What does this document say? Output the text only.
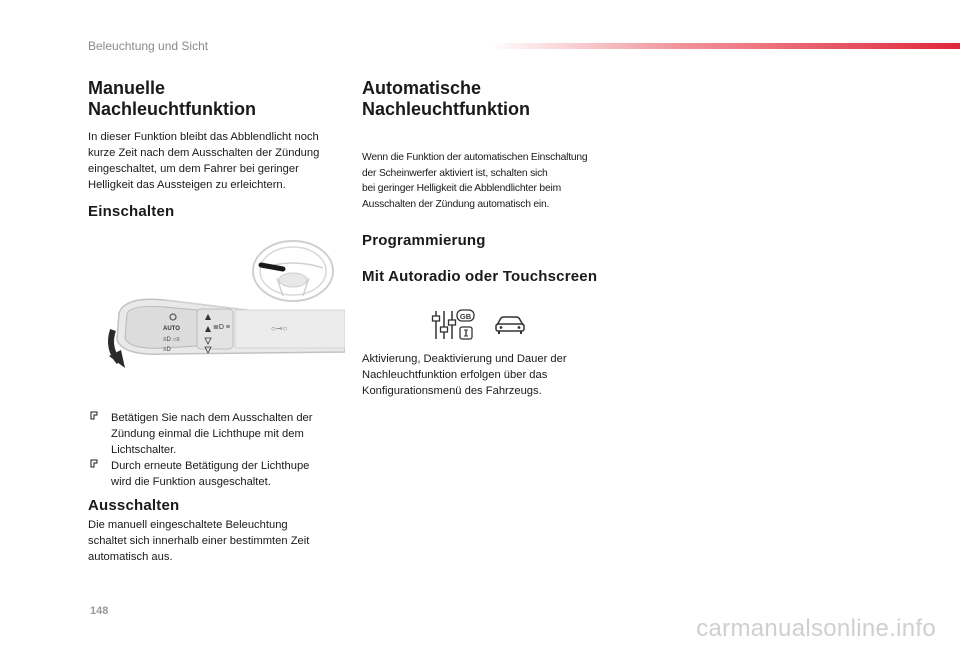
Beleuchtung und Sicht
Manuelle
Nachleuchtfunktion
In dieser Funktion bleibt das Abblendlicht noch
kurze Zeit nach dem Ausschalten der Zündung
eingeschaltet, um dem Fahrer bei geringer
Helligkeit das Aussteigen zu erleichtern.
Einschalten
AUTO
≡D ○≡
≡D
≣D ≡	○⊸○
Betätigen Sie nach dem Ausschalten der
Zündung einmal die Lichthupe mit dem
Lichtschalter.
Durch erneute Betätigung der Lichthupe
wird die Funktion ausgeschaltet.
Ausschalten
Die manuell eingeschaltete Beleuchtung
schaltet sich innerhalb einer bestimmten Zeit
automatisch aus.
Automatische
Nachleuchtfunktion
Wenn die Funktion der automatischen Einschaltung
der Scheinwerfer aktiviert ist, schalten sich
bei geringer Helligkeit die Abblendlichter beim
Ausschalten der Zündung automatisch ein.
Programmierung
Mit Autoradio oder Touchscreen
GB
Aktivierung, Deaktivierung und Dauer der
Nachleuchtfunktion erfolgen über das
Konfigurationsmenü des Fahrzeugs.
148
carmanualsonline.info
